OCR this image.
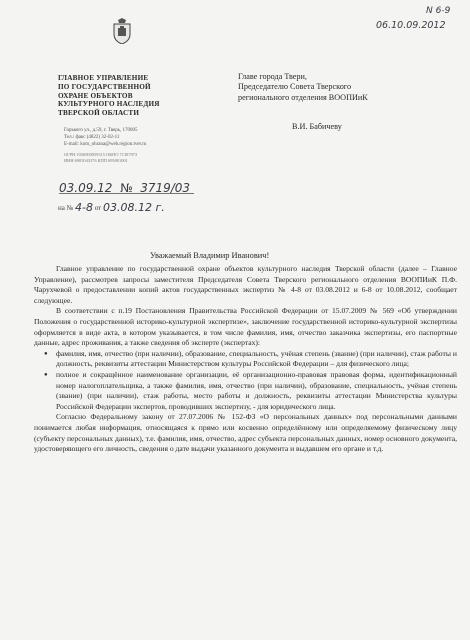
N 6-9
06.10.09.2012
ГЛАВНОЕ УПРАВЛЕНИЕ
ПО ГОСУДАРСТВЕННОЙ
ОХРАНЕ ОБЪЕКТОВ
КУЛЬТУРНОГО НАСЛЕДИЯ
ТВЕРСКОЙ ОБЛАСТИ
Горького ул., д.59, г. Тверь, 170005
Тел./ факс (4822) 32-02-11
E-mail: kom_ohrana@web.region.tver.ru
ОГРН 1036900059315 ОКПО 71387973
ИНН 6905043376 КПП 695001001
03.09.12  №  3719/03
на № 4-8 от 03.08.12 г.
Главе города Твери,
Председателю Совета Тверского
регионального отделения ВООПИиК
В.И. Бабичеву
Уважаемый Владимир Иванович!

Главное управление по государственной охране объектов культурного наследия Тверской области (далее – Главное Управление), рассмотрев запросы заместителя Председателя Совета Тверского регионального отделения ВООПИиК П.Ф. Чарухчевой о предоставлении копий актов государственных экспертиз № 4-8 от 03.08.2012 и 6-8 от 10.08.2012, сообщает следующее.

В соответствии с п.19 Постановления Правительства Российской Федерации от 15.07.2009 № 569 «Об утверждении Положения о государственной историко-культурной экспертизе», заключение государственной историко-культурной экспертизы оформляется в виде акта, в котором указывается, в том числе фамилия, имя, отчество заказчика экспертизы, его паспортные данные, адрес проживания, а также сведения об эксперте (экспертах):

● фамилия, имя, отчество (при наличии), образование, специальность, учёная степень (звание) (при наличии), стаж работы и должность, реквизиты аттестации Министерством культуры Российской Федерации – для физического лица;
● полное и сокращённое наименование организации, её организационно-правовая правовая форма, идентификационный номер налогоплательщика, а также фамилия, имя, отчество (при наличии), образование, специальность, учёная степень (звание) (при наличии), стаж работы, место работы и должность, реквизиты аттестации Министерства культуры Российской Федерации экспертов, проводивших экспертизу, - для юридического лица.

Согласно Федеральному закону от 27.07.2006 № 152-ФЗ «О персональных данных» под персональными данными понимается любая информация, относящаяся к прямо или косвенно определённому или определяемому физическому лицу (субъекту персональных данных), т.е. фамилия, имя, отчество, адрес субъекта персональных данных, номер основного документа, удостоверяющего его личность, сведения о дате выдачи указанного документа и выдавшем его органе и т.д.
